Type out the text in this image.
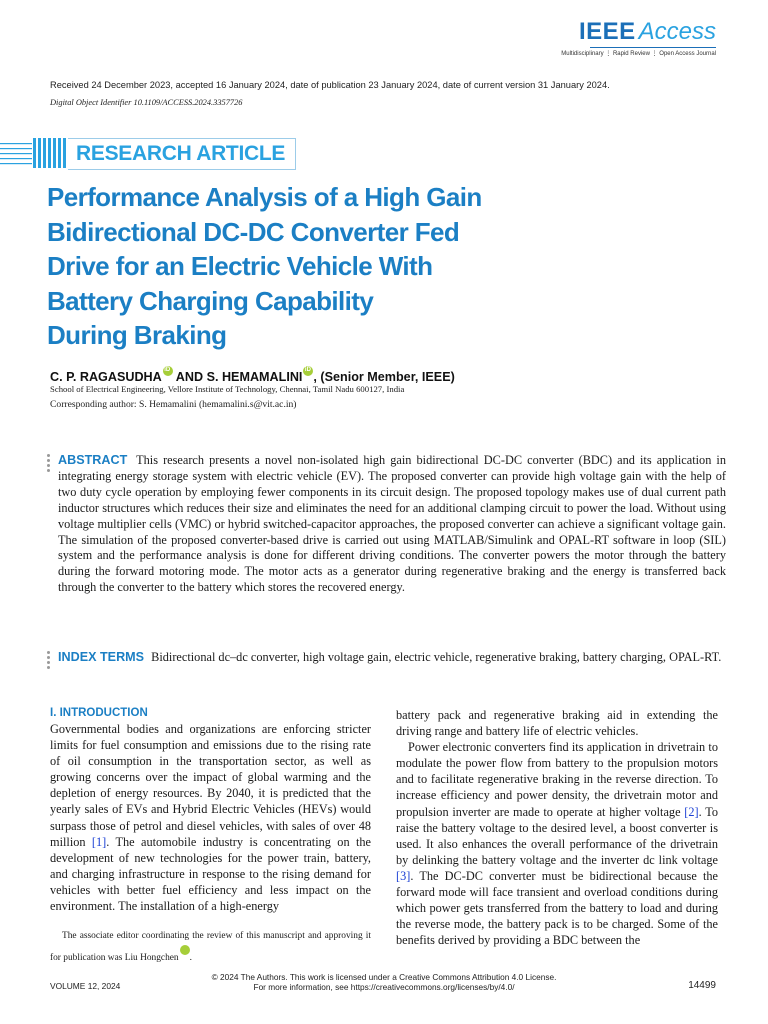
IEEE Access
Multidisciplinary ⋮ Rapid Review ⋮ Open Access Journal
Received 24 December 2023, accepted 16 January 2024, date of publication 23 January 2024, date of current version 31 January 2024.
Digital Object Identifier 10.1109/ACCESS.2024.3357726
RESEARCH ARTICLE
Performance Analysis of a High Gain
Bidirectional DC-DC Converter Fed
Drive for an Electric Vehicle With
Battery Charging Capability
During Braking
C. P. RAGASUDHA iD AND S. HEMAMALINI iD , (Senior Member, IEEE)
School of Electrical Engineering, Vellore Institute of Technology, Chennai, Tamil Nadu 600127, India
Corresponding author: S. Hemamalini (hemamalini.s@vit.ac.in)
ABSTRACT This research presents a novel non-isolated high gain bidirectional DC-DC converter (BDC) and its application in integrating energy storage system with electric vehicle (EV). The proposed converter can provide high voltage gain with the help of two duty cycle operation by employing fewer components in its circuit design. The proposed topology makes use of dual current path inductor structures which reduces their size and eliminates the need for an additional clamping circuit to power the load. Without using voltage multiplier cells (VMC) or hybrid switched-capacitor approaches, the proposed converter can achieve a significant voltage gain. The simulation of the proposed converter-based drive is carried out using MATLAB/Simulink and OPAL-RT software in loop (SIL) system and the performance analysis is done for different driving conditions. The converter powers the motor through the battery during the forward motoring mode. The motor acts as a generator during regenerative braking and the energy is transferred back through the converter to the battery which stores the recovered energy.
INDEX TERMS Bidirectional dc–dc converter, high voltage gain, electric vehicle, regenerative braking, battery charging, OPAL-RT.
I. INTRODUCTION
Governmental bodies and organizations are enforcing stricter limits for fuel consumption and emissions due to the rising rate of oil consumption in the transportation sector, as well as growing concerns over the impact of global warming and the depletion of energy resources. By 2040, it is predicted that the yearly sales of EVs and Hybrid Electric Vehicles (HEVs) would surpass those of petrol and diesel vehicles, with sales of over 48 million [1]. The automobile industry is concentrating on the development of new technologies for the power train, battery, and charging infrastructure in response to the rising demand for vehicles with better fuel efficiency and less impact on the environment. The installation of a high-energy
The associate editor coordinating the review of this manuscript and approving it for publication was Liu HongcheniD
battery pack and regenerative braking aid in extending the driving range and battery life of electric vehicles.
Power electronic converters find its application in drivetrain to modulate the power flow from battery to the propulsion motors and to facilitate regenerative braking in the reverse direction. To increase efficiency and power density, the drivetrain motor and propulsion inverter are made to operate at higher voltage [2]. To raise the battery voltage to the desired level, a boost converter is used. It also enhances the overall performance of the drivetrain by delinking the battery voltage and the inverter dc link voltage [3]. The DC-DC converter must be bidirectional because the forward mode will face transient and overload conditions during which power gets transferred from the battery to load and during the reverse mode, the battery pack is to be charged. Some of the benefits derived by providing a BDC between the
VOLUME 12, 2024
© 2024 The Authors. This work is licensed under a Creative Commons Attribution 4.0 License.
For more information, see https://creativecommons.org/licenses/by/4.0/	14499
